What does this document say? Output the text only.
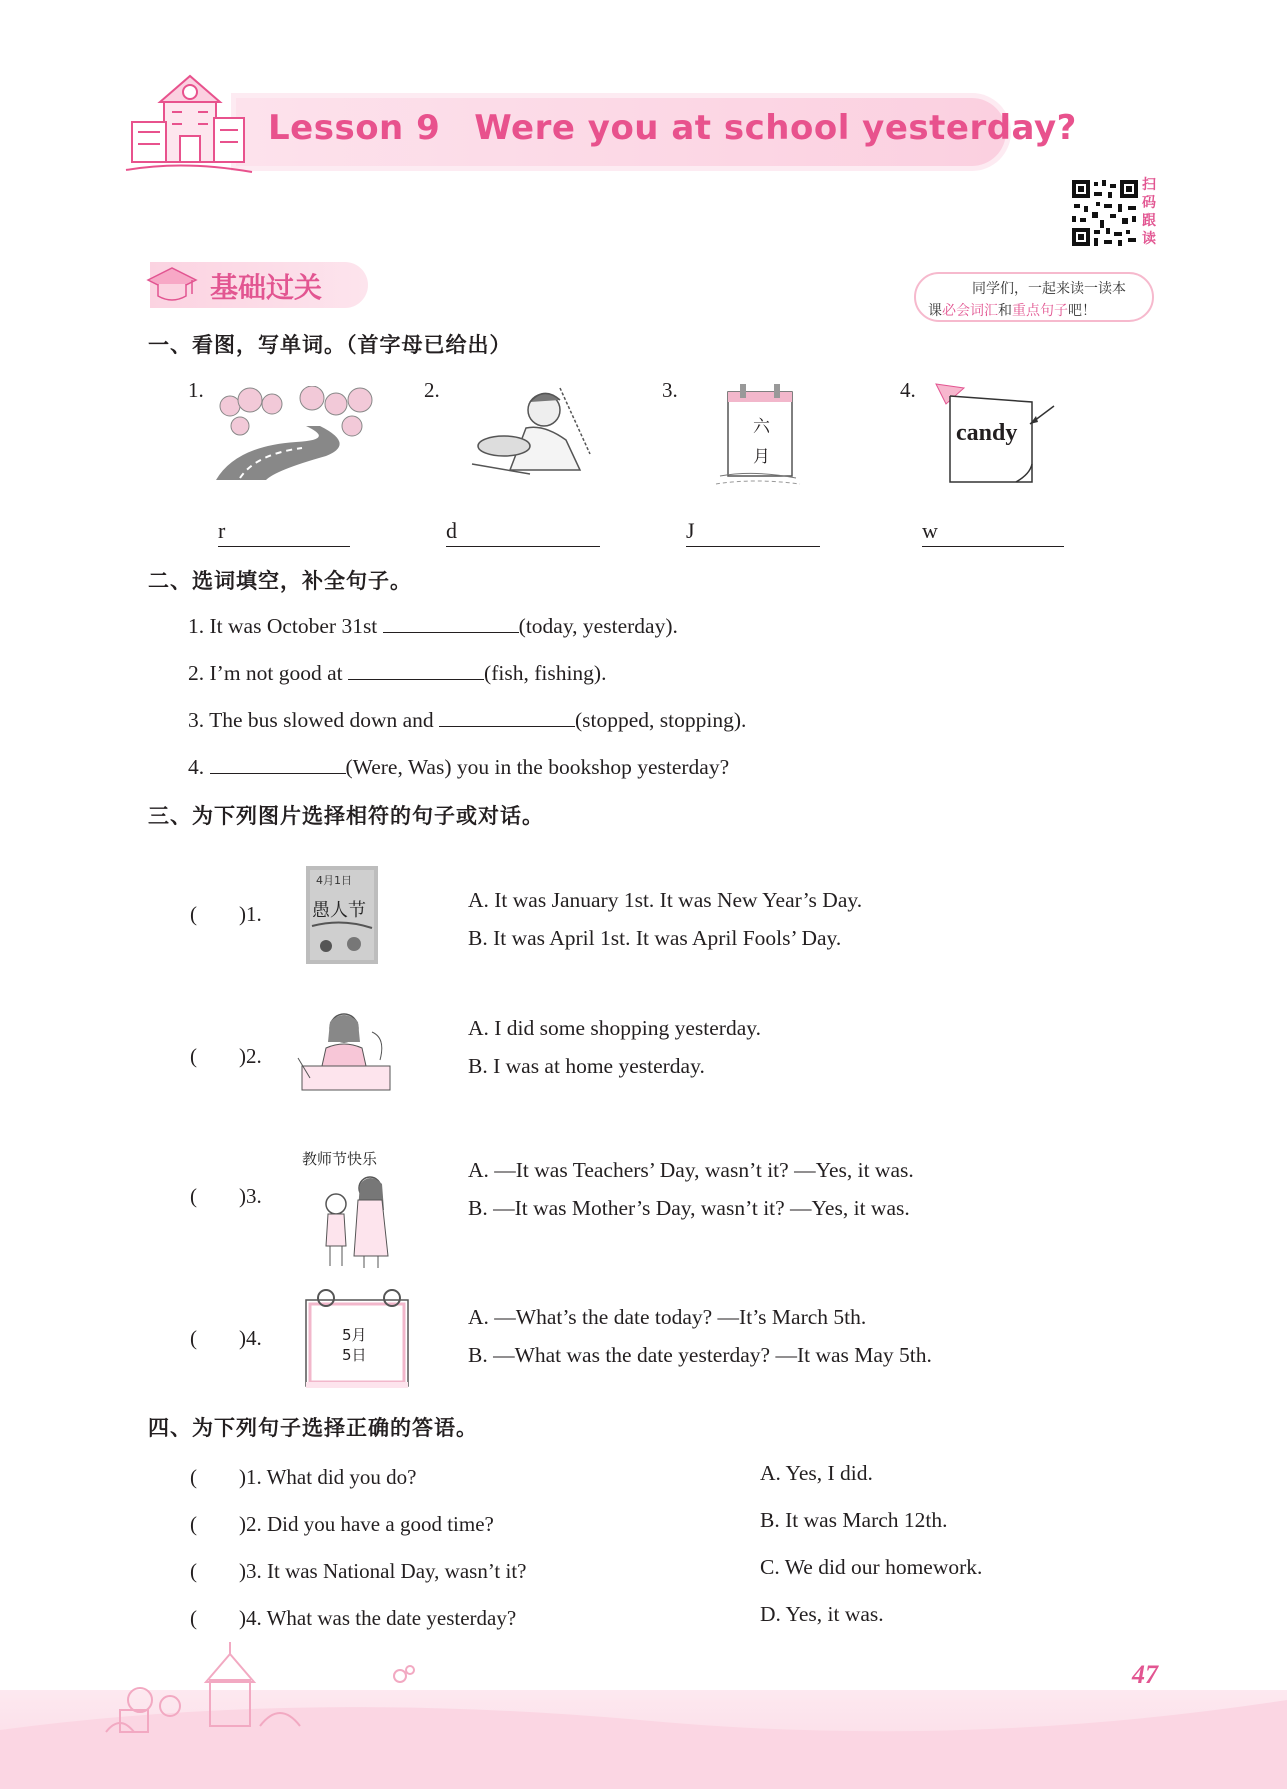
Lesson 9 Were you at school yesterday?
扫码跟读
基础过关	同学们，一起来读一读本
课必会词汇和重点句子吧！
一、看图，写单词。（首字母已给出）
1.
r
2.
d
3.
六
月
J
4.
candy
w
二、选词填空，补全句子。
1. It was October 31st	(today, yesterday).
2. I’m not good at	(fish, fishing).
3. The bus slowed down and	(stopped, stopping).
4.	(Were, Was) you in the bookshop yesterday?
三、为下列图片选择相符的句子或对话。
(　　)1.
4月1日
愚人节	A. It was January 1st. It was New Year’s Day.
B. It was April 1st. It was April Fools’ Day.
(　　)2.
A. I did some shopping yesterday.
B. I was at home yesterday.
(　　)3.
教师节快乐	A. —It was Teachers’ Day, wasn’t it? —Yes, it was.
B. —It was Mother’s Day, wasn’t it? —Yes, it was.
(　　)4.	5月
5日
A. —What’s the date today? —It’s March 5th.
B. —What was the date yesterday? —It was May 5th.
四、为下列句子选择正确的答语。
(　　)1. What did you do?
(　　)2. Did you have a good time?
(　　)3. It was National Day, wasn’t it?
(　　)4. What was the date yesterday?
A. Yes, I did.
B. It was March 12th.
C. We did our homework.
D. Yes, it was.
47
